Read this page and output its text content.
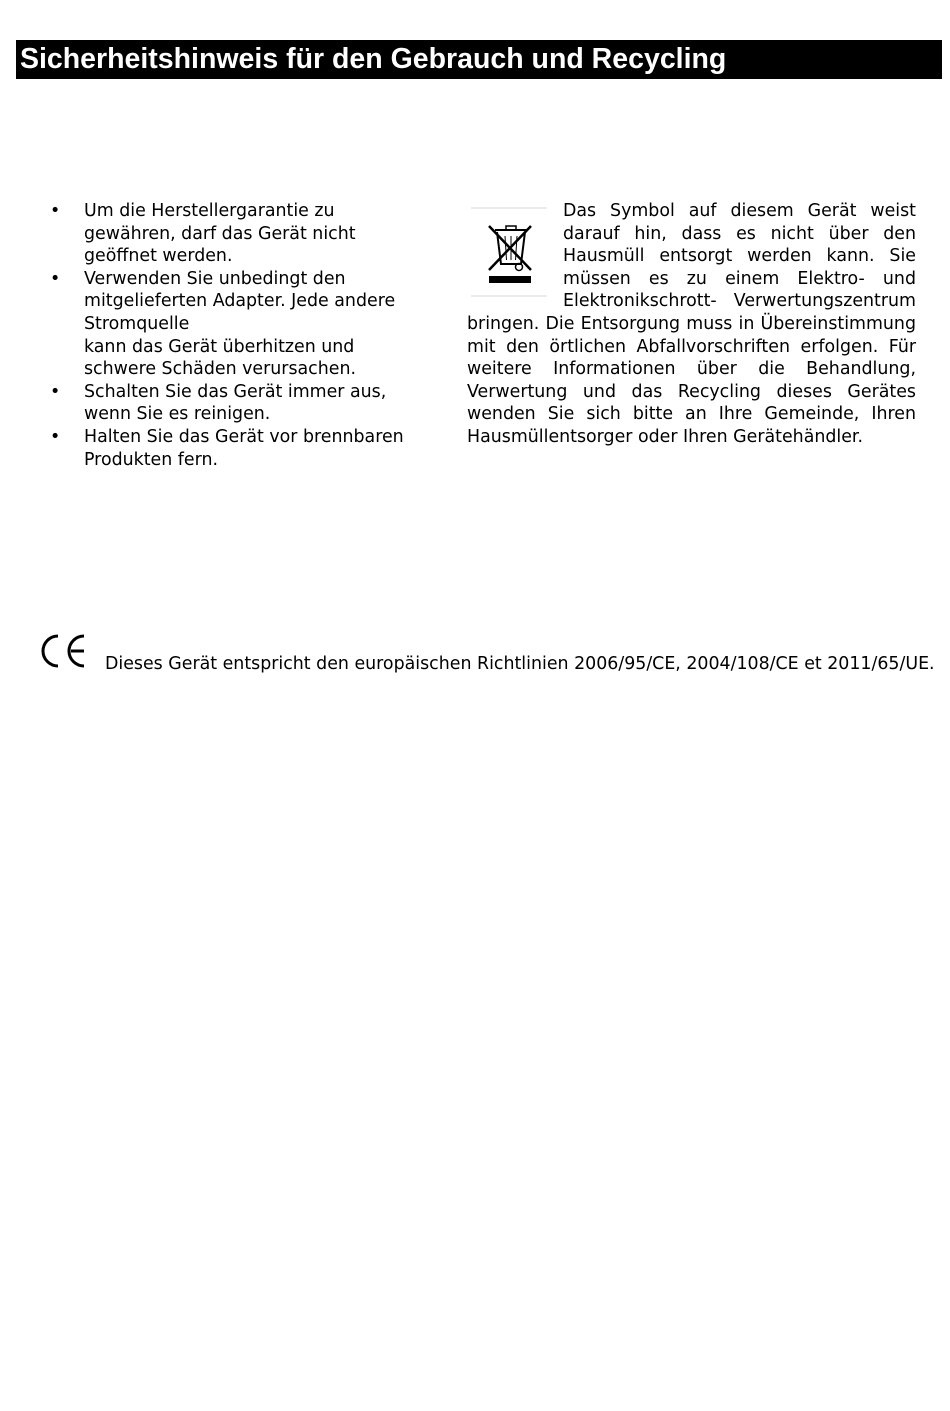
Sicherheitshinweis für den Gebrauch und Recycling
• Um die Herstellergarantie zu
gewähren, darf das Gerät nicht
geöffnet werden.
• Verwenden Sie unbedingt den
mitgelieferten Adapter. Jede andere
Stromquelle
kann das Gerät überhitzen und
schwere Schäden verursachen.
• Schalten Sie das Gerät immer aus,
wenn Sie es reinigen.
• Halten Sie das Gerät vor brennbaren
Produkten fern.
Das Symbol auf diesem Gerät weist darauf hin, dass es nicht über den Hausmüll entsorgt werden kann. Sie müssen es zu einem Elektro- und Elektronikschrott- Verwertungszentrum bringen. Die Entsorgung muss in Übereinstimmung mit den örtlichen Abfallvorschriften erfolgen. Für weitere Informationen über die Behandlung, Verwertung und das Recycling dieses Gerätes wenden Sie sich bitte an Ihre Gemeinde, Ihren
Hausmüllentsorger oder Ihren Gerätehändler.
Dieses Gerät entspricht den europäischen Richtlinien 2006/95/CE, 2004/108/CE et 2011/65/UE.
